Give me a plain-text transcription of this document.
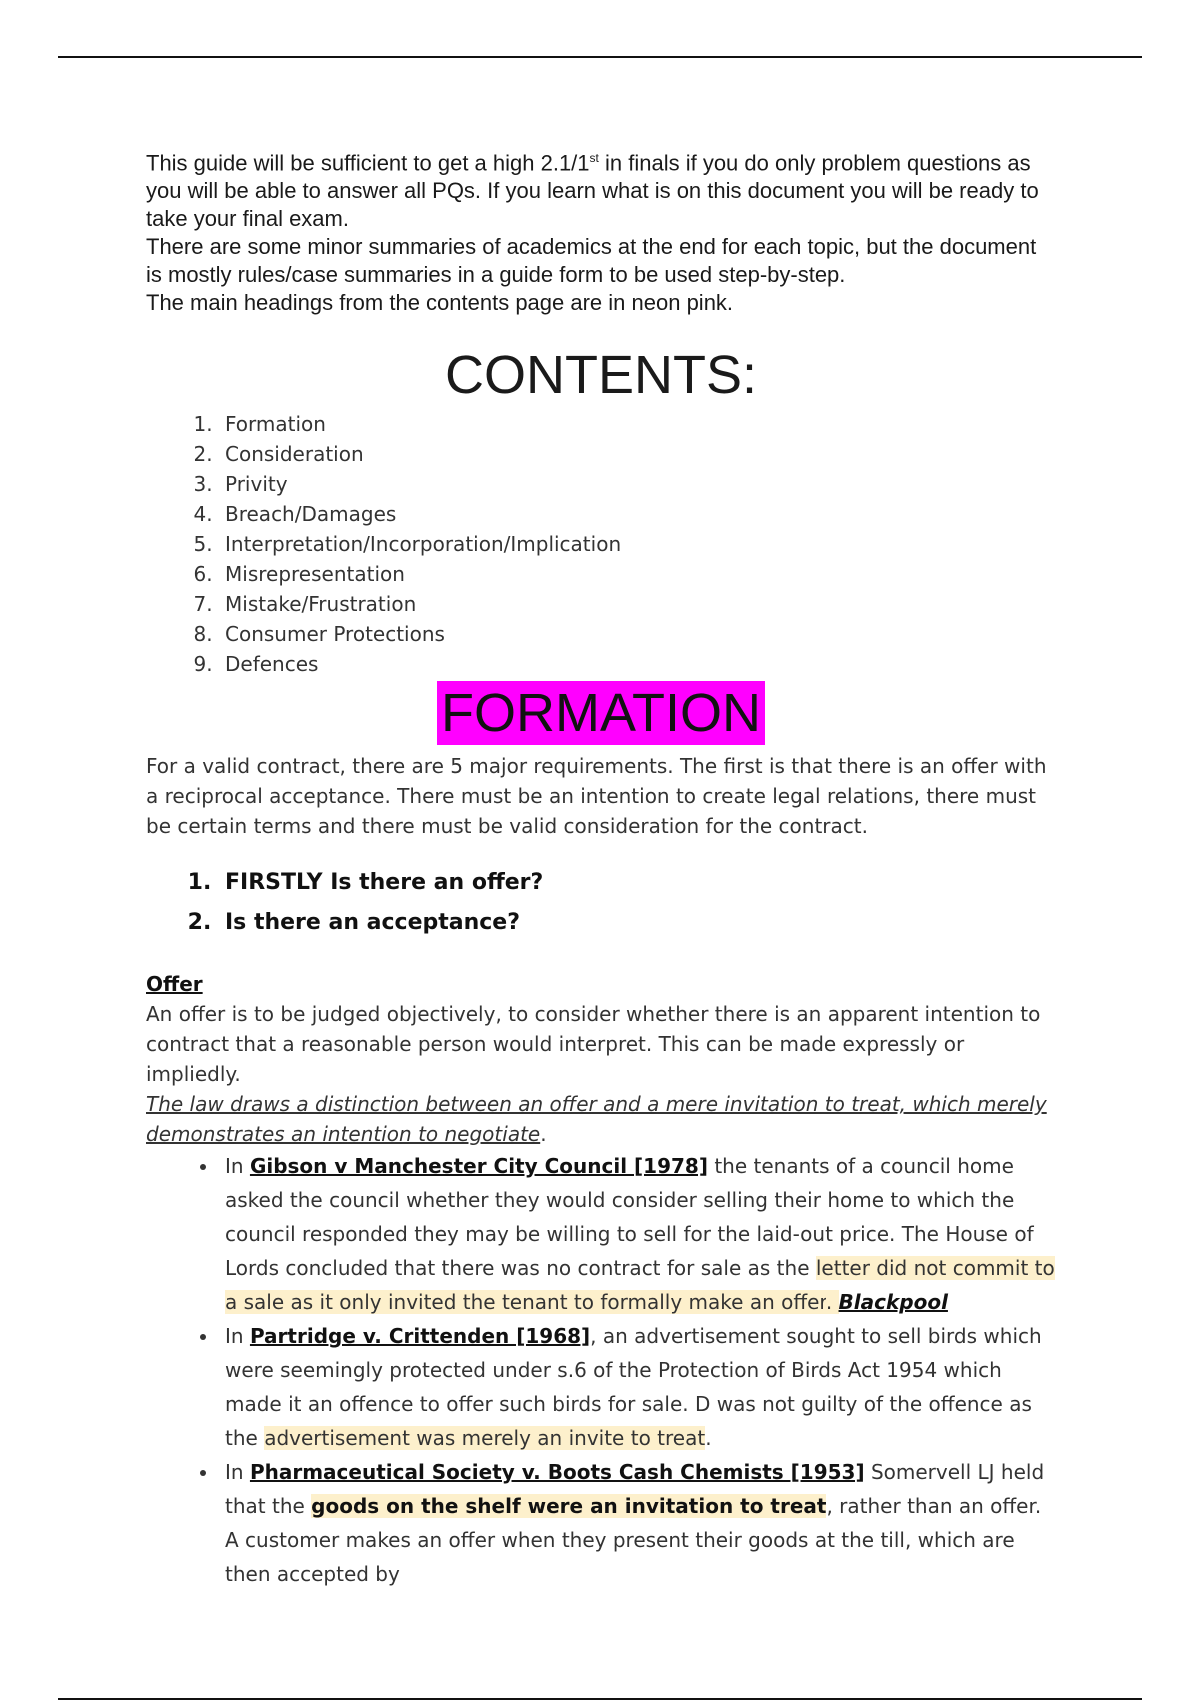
This guide will be sufficient to get a high 2.1/1st in finals if you do only problem questions as you will be able to answer all PQs. If you learn what is on this document you will be ready to take your final exam.

There are some minor summaries of academics at the end for each topic, but the document is mostly rules/case summaries in a guide form to be used step-by-step.

The main headings from the contents page are in neon pink.

CONTENTS:
1. Formation
2. Consideration
3. Privity
4. Breach/Damages
5. Interpretation/Incorporation/Implication
6. Misrepresentation
7. Mistake/Frustration
8. Consumer Protections
9. Defences
FORMATION

For a valid contract, there are 5 major requirements. The first is that there is an offer with a reciprocal acceptance. There must be an intention to create legal relations, there must be certain terms and there must be valid consideration for the contract.

1. FIRSTLY Is there an offer?
2. Is there an acceptance?
Offer

An offer is to be judged objectively, to consider whether there is an apparent intention to contract that a reasonable person would interpret. This can be made expressly or impliedly.

The law draws a distinction between an offer and a mere invitation to treat, which merely demonstrates an intention to negotiate.

• In Gibson v Manchester City Council [1978] the tenants of a council home asked the council whether they would consider selling their home to which the council responded they may be willing to sell for the laid-out price. The House of Lords concluded that there was no contract for sale as the letter did not commit to a sale as it only invited the tenant to formally make an offer. Blackpool
• In Partridge v. Crittenden [1968], an advertisement sought to sell birds which were seemingly protected under s.6 of the Protection of Birds Act 1954 which made it an offence to offer such birds for sale. D was not guilty of the offence as the advertisement was merely an invite to treat.
• In Pharmaceutical Society v. Boots Cash Chemists [1953] Somervell LJ held that the goods on the shelf were an invitation to treat, rather than an offer. A customer makes an offer when they present their goods at the till, which are then accepted by
